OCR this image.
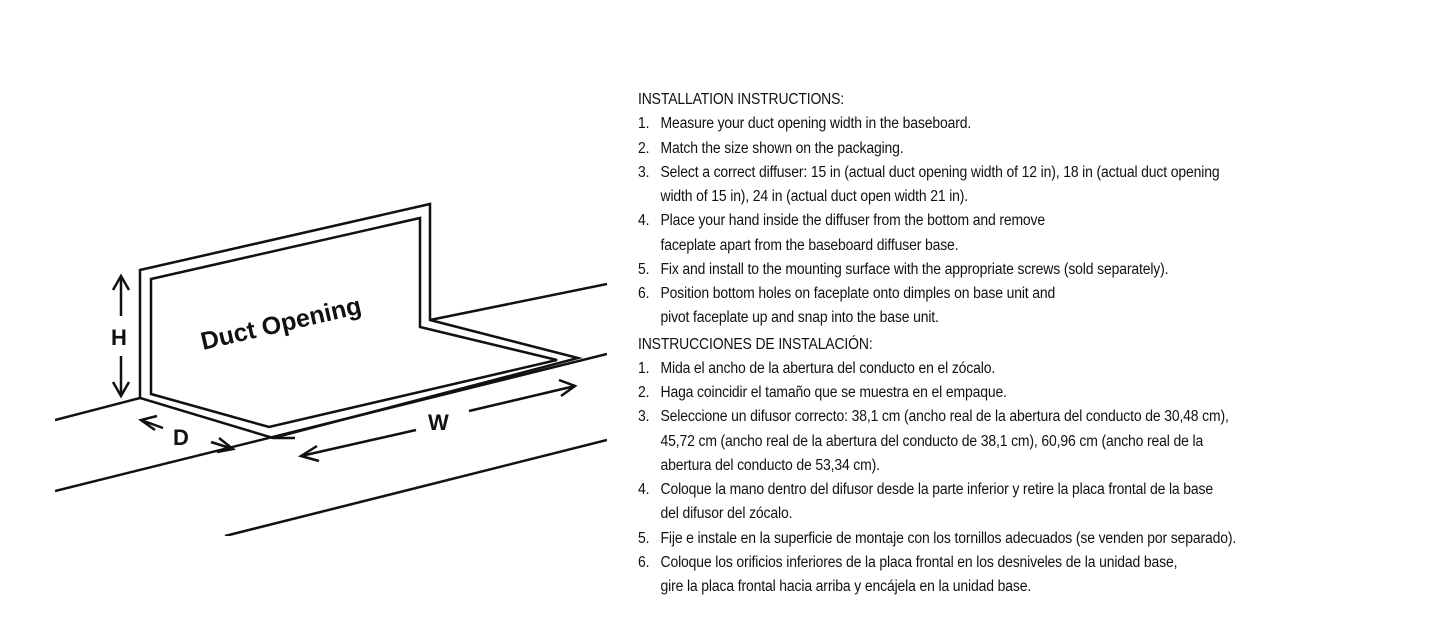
H
D
W
Duct Opening
INSTALLATION INSTRUCTIONS:
1. Measure your duct opening width in the baseboard.
2. Match the size shown on the packaging.
3. Select a correct diffuser: 15 in (actual duct opening width of 12 in), 18 in (actual duct opening
width of 15 in), 24 in (actual duct open width 21 in).
4. Place your hand inside the diffuser from the bottom and remove
faceplate apart from the baseboard diffuser base.
5. Fix and install to the mounting surface with the appropriate screws (sold separately).
6. Position bottom holes on faceplate onto dimples on base unit and
pivot faceplate up and snap into the base unit.
INSTRUCCIONES DE INSTALACIÓN:
1. Mida el ancho de la abertura del conducto en el zócalo.
2. Haga coincidir el tamaño que se muestra en el empaque.
3. Seleccione un difusor correcto: 38,1 cm (ancho real de la abertura del conducto de 30,48 cm),
45,72 cm (ancho real de la abertura del conducto de 38,1 cm), 60,96 cm (ancho real de la
abertura del conducto de 53,34 cm).
4. Coloque la mano dentro del difusor desde la parte inferior y retire la placa frontal de la base
del difusor del zócalo.
5. Fije e instale en la superficie de montaje con los tornillos adecuados (se venden por separado).
6. Coloque los orificios inferiores de la placa frontal en los desniveles de la unidad base,
gire la placa frontal hacia arriba y encájela en la unidad base.
